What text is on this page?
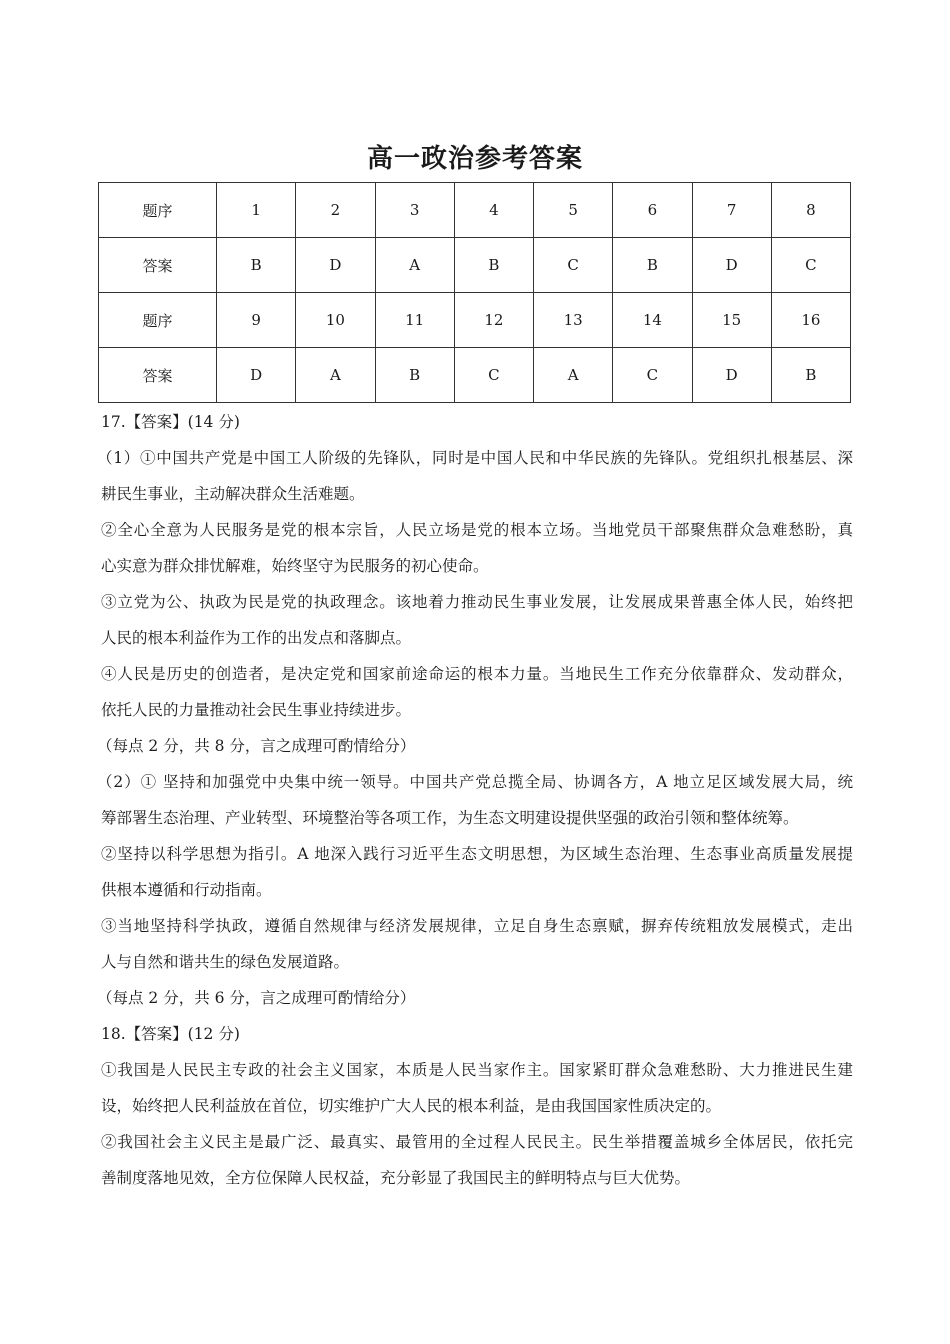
高一政治参考答案
题序	1	2	3	4	5	6	7	8
答案	B	D	A	B	C	B	D	C
题序	9	10	11	12	13	14	15	16
答案	D	A	B	C	A	C	D	B

17.【答案】(14 分)

（1）①中国共产党是中国工人阶级的先锋队，同时是中国人民和中华民族的先锋队。党组织扎根基层、深

耕民生事业，主动解决群众生活难题。

②全心全意为人民服务是党的根本宗旨，人民立场是党的根本立场。当地党员干部聚焦群众急难愁盼，真

心实意为群众排忧解难，始终坚守为民服务的初心使命。

③立党为公、执政为民是党的执政理念。该地着力推动民生事业发展，让发展成果普惠全体人民，始终把

人民的根本利益作为工作的出发点和落脚点。

④人民是历史的创造者，是决定党和国家前途命运的根本力量。当地民生工作充分依靠群众、发动群众，

依托人民的力量推动社会民生事业持续进步。

（每点 2 分，共 8 分，言之成理可酌情给分）

（2）① 坚持和加强党中央集中统一领导。中国共产党总揽全局、协调各方，A 地立足区域发展大局，统

筹部署生态治理、产业转型、环境整治等各项工作，为生态文明建设提供坚强的政治引领和整体统筹。

②坚持以科学思想为指引。A 地深入践行习近平生态文明思想，为区域生态治理、生态事业高质量发展提

供根本遵循和行动指南。

③当地坚持科学执政，遵循自然规律与经济发展规律，立足自身生态禀赋，摒弃传统粗放发展模式，走出

人与自然和谐共生的绿色发展道路。

（每点 2 分，共 6 分，言之成理可酌情给分）

18.【答案】(12 分)

①我国是人民民主专政的社会主义国家，本质是人民当家作主。国家紧盯群众急难愁盼、大力推进民生建

设，始终把人民利益放在首位，切实维护广大人民的根本利益，是由我国国家性质决定的。

②我国社会主义民主是最广泛、最真实、最管用的全过程人民民主。民生举措覆盖城乡全体居民，依托完

善制度落地见效，全方位保障人民权益，充分彰显了我国民主的鲜明特点与巨大优势。
